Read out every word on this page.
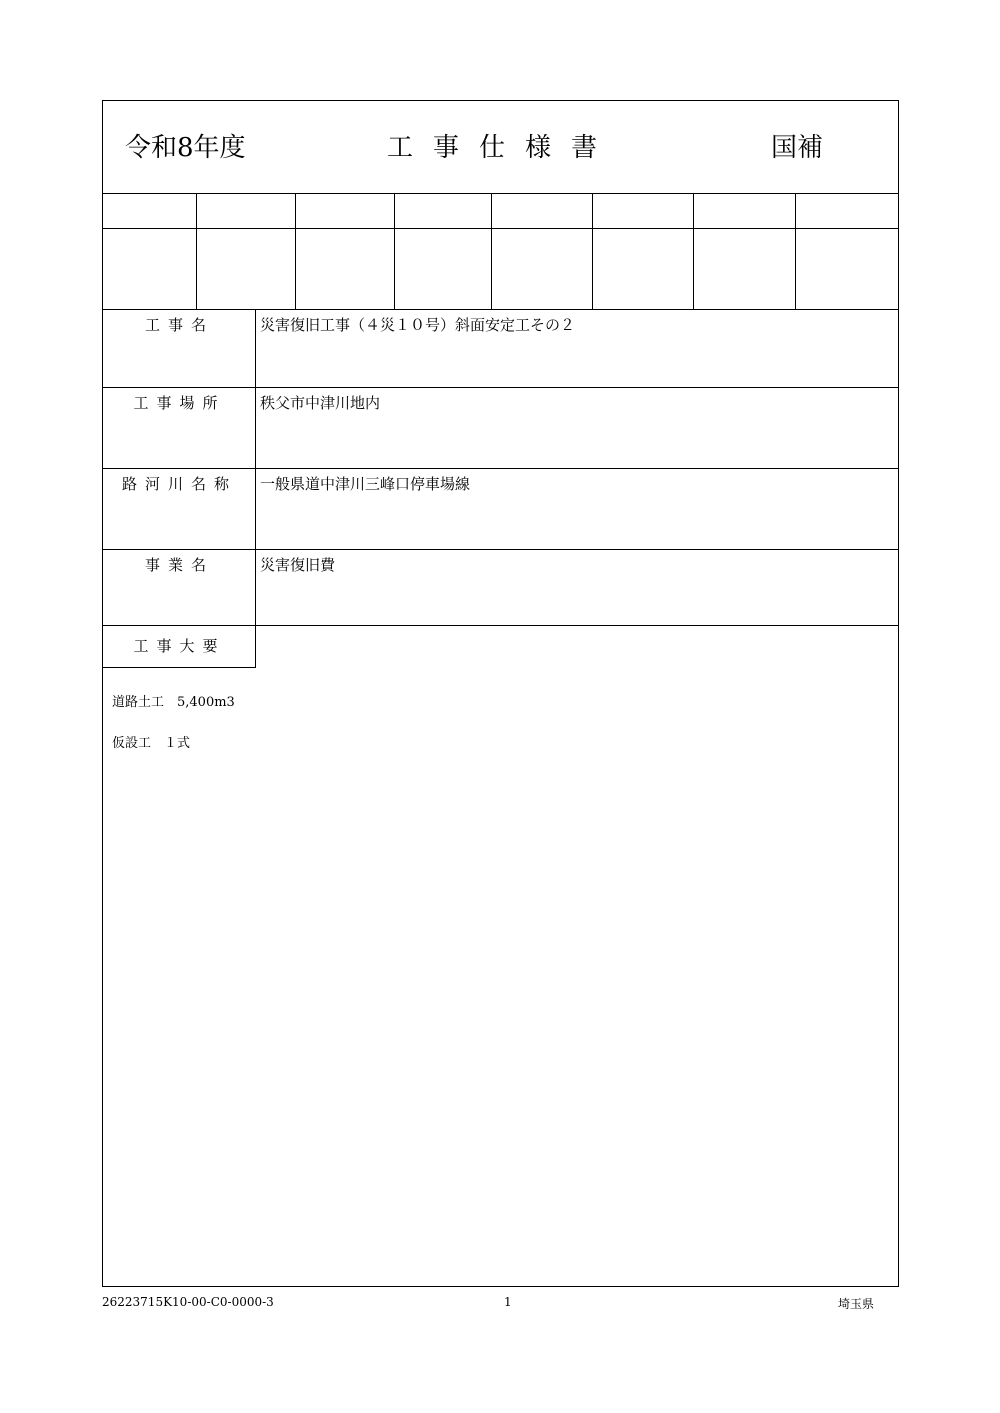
令和8年度	工事仕様書	国補
工事名	災害復旧工事（４災１０号）斜面安定工その２
工事場所	秩父市中津川地内
路河川名称	一般県道中津川三峰口停車場線
事業名	災害復旧費
工事大要
道路土工　5,400m3
仮設工　１式
26223715K10-00-C0-0000-3	1	埼玉県
